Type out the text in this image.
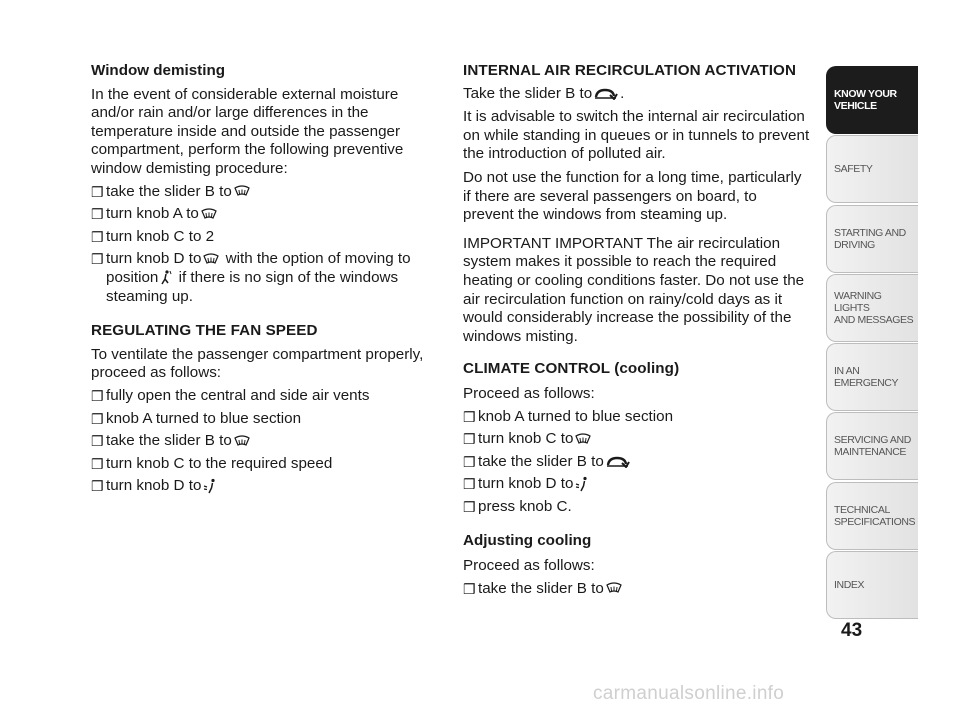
Window demisting
In the event of considerable external moisture and/or rain and/or large differences in the temperature inside and outside the passenger compartment, perform the following preventive window demisting procedure:
❒ take the slider B to
❒ turn knob A to
❒ turn knob C to 2
❒ turn knob D to with the option of moving to position if there is no sign of the windows steaming up.
REGULATING THE FAN SPEED
To ventilate the passenger compartment properly, proceed as follows:
❒ fully open the central and side air vents
❒ knob A turned to blue section
❒ take the slider B to
❒ turn knob C to the required speed
❒ turn knob D to
INTERNAL AIR RECIRCULATION ACTIVATION
Take the slider B to .
It is advisable to switch the internal air recirculation on while standing in queues or in tunnels to prevent the introduction of polluted air.
Do not use the function for a long time, particularly if there are several passengers on board, to prevent the windows from steaming up.
IMPORTANT IMPORTANT The air recirculation system makes it possible to reach the required heating or cooling conditions faster. Do not use the air recirculation function on rainy/cold days as it would considerably increase the possibility of the windows misting.
CLIMATE CONTROL (cooling)
Proceed as follows:
❒ knob A turned to blue section
❒ turn knob C to
❒ take the slider B to
❒ turn knob D to
❒ press knob C.
Adjusting cooling
Proceed as follows:
❒ take the slider B to
KNOW YOUR
VEHICLE
SAFETY
STARTING AND
DRIVING
WARNING LIGHTS
AND MESSAGES
IN AN EMERGENCY
SERVICING AND
MAINTENANCE
TECHNICAL
SPECIFICATIONS
INDEX
43
carmanualsonline.info
